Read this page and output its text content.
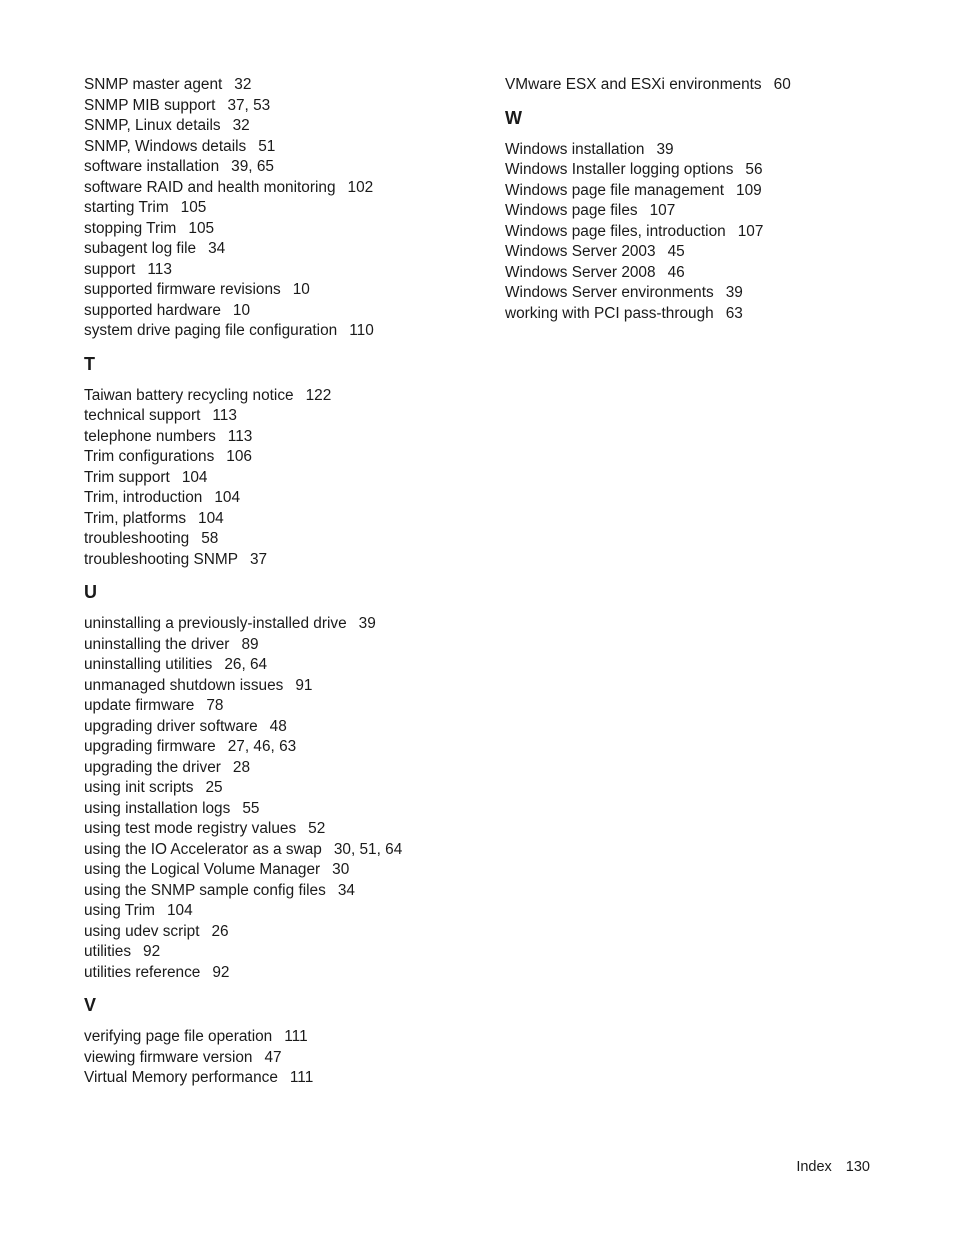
SNMP master agent 32
SNMP MIB support 37, 53
SNMP, Linux details 32
SNMP, Windows details 51
software installation 39, 65
software RAID and health monitoring 102
starting Trim 105
stopping Trim 105
subagent log file 34
support 113
supported firmware revisions 10
supported hardware 10
system drive paging file configuration 110
T
Taiwan battery recycling notice 122
technical support 113
telephone numbers 113
Trim configurations 106
Trim support 104
Trim, introduction 104
Trim, platforms 104
troubleshooting 58
troubleshooting SNMP 37
U
uninstalling a previously-installed drive 39
uninstalling the driver 89
uninstalling utilities 26, 64
unmanaged shutdown issues 91
update firmware 78
upgrading driver software 48
upgrading firmware 27, 46, 63
upgrading the driver 28
using init scripts 25
using installation logs 55
using test mode registry values 52
using the IO Accelerator as a swap 30, 51, 64
using the Logical Volume Manager 30
using the SNMP sample config files 34
using Trim 104
using udev script 26
utilities 92
utilities reference 92
V
verifying page file operation 111
viewing firmware version 47
Virtual Memory performance 111
VMware ESX and ESXi environments 60
W
Windows installation 39
Windows Installer logging options 56
Windows page file management 109
Windows page files 107
Windows page files, introduction 107
Windows Server 2003 45
Windows Server 2008 46
Windows Server environments 39
working with PCI pass-through 63
Index 130
